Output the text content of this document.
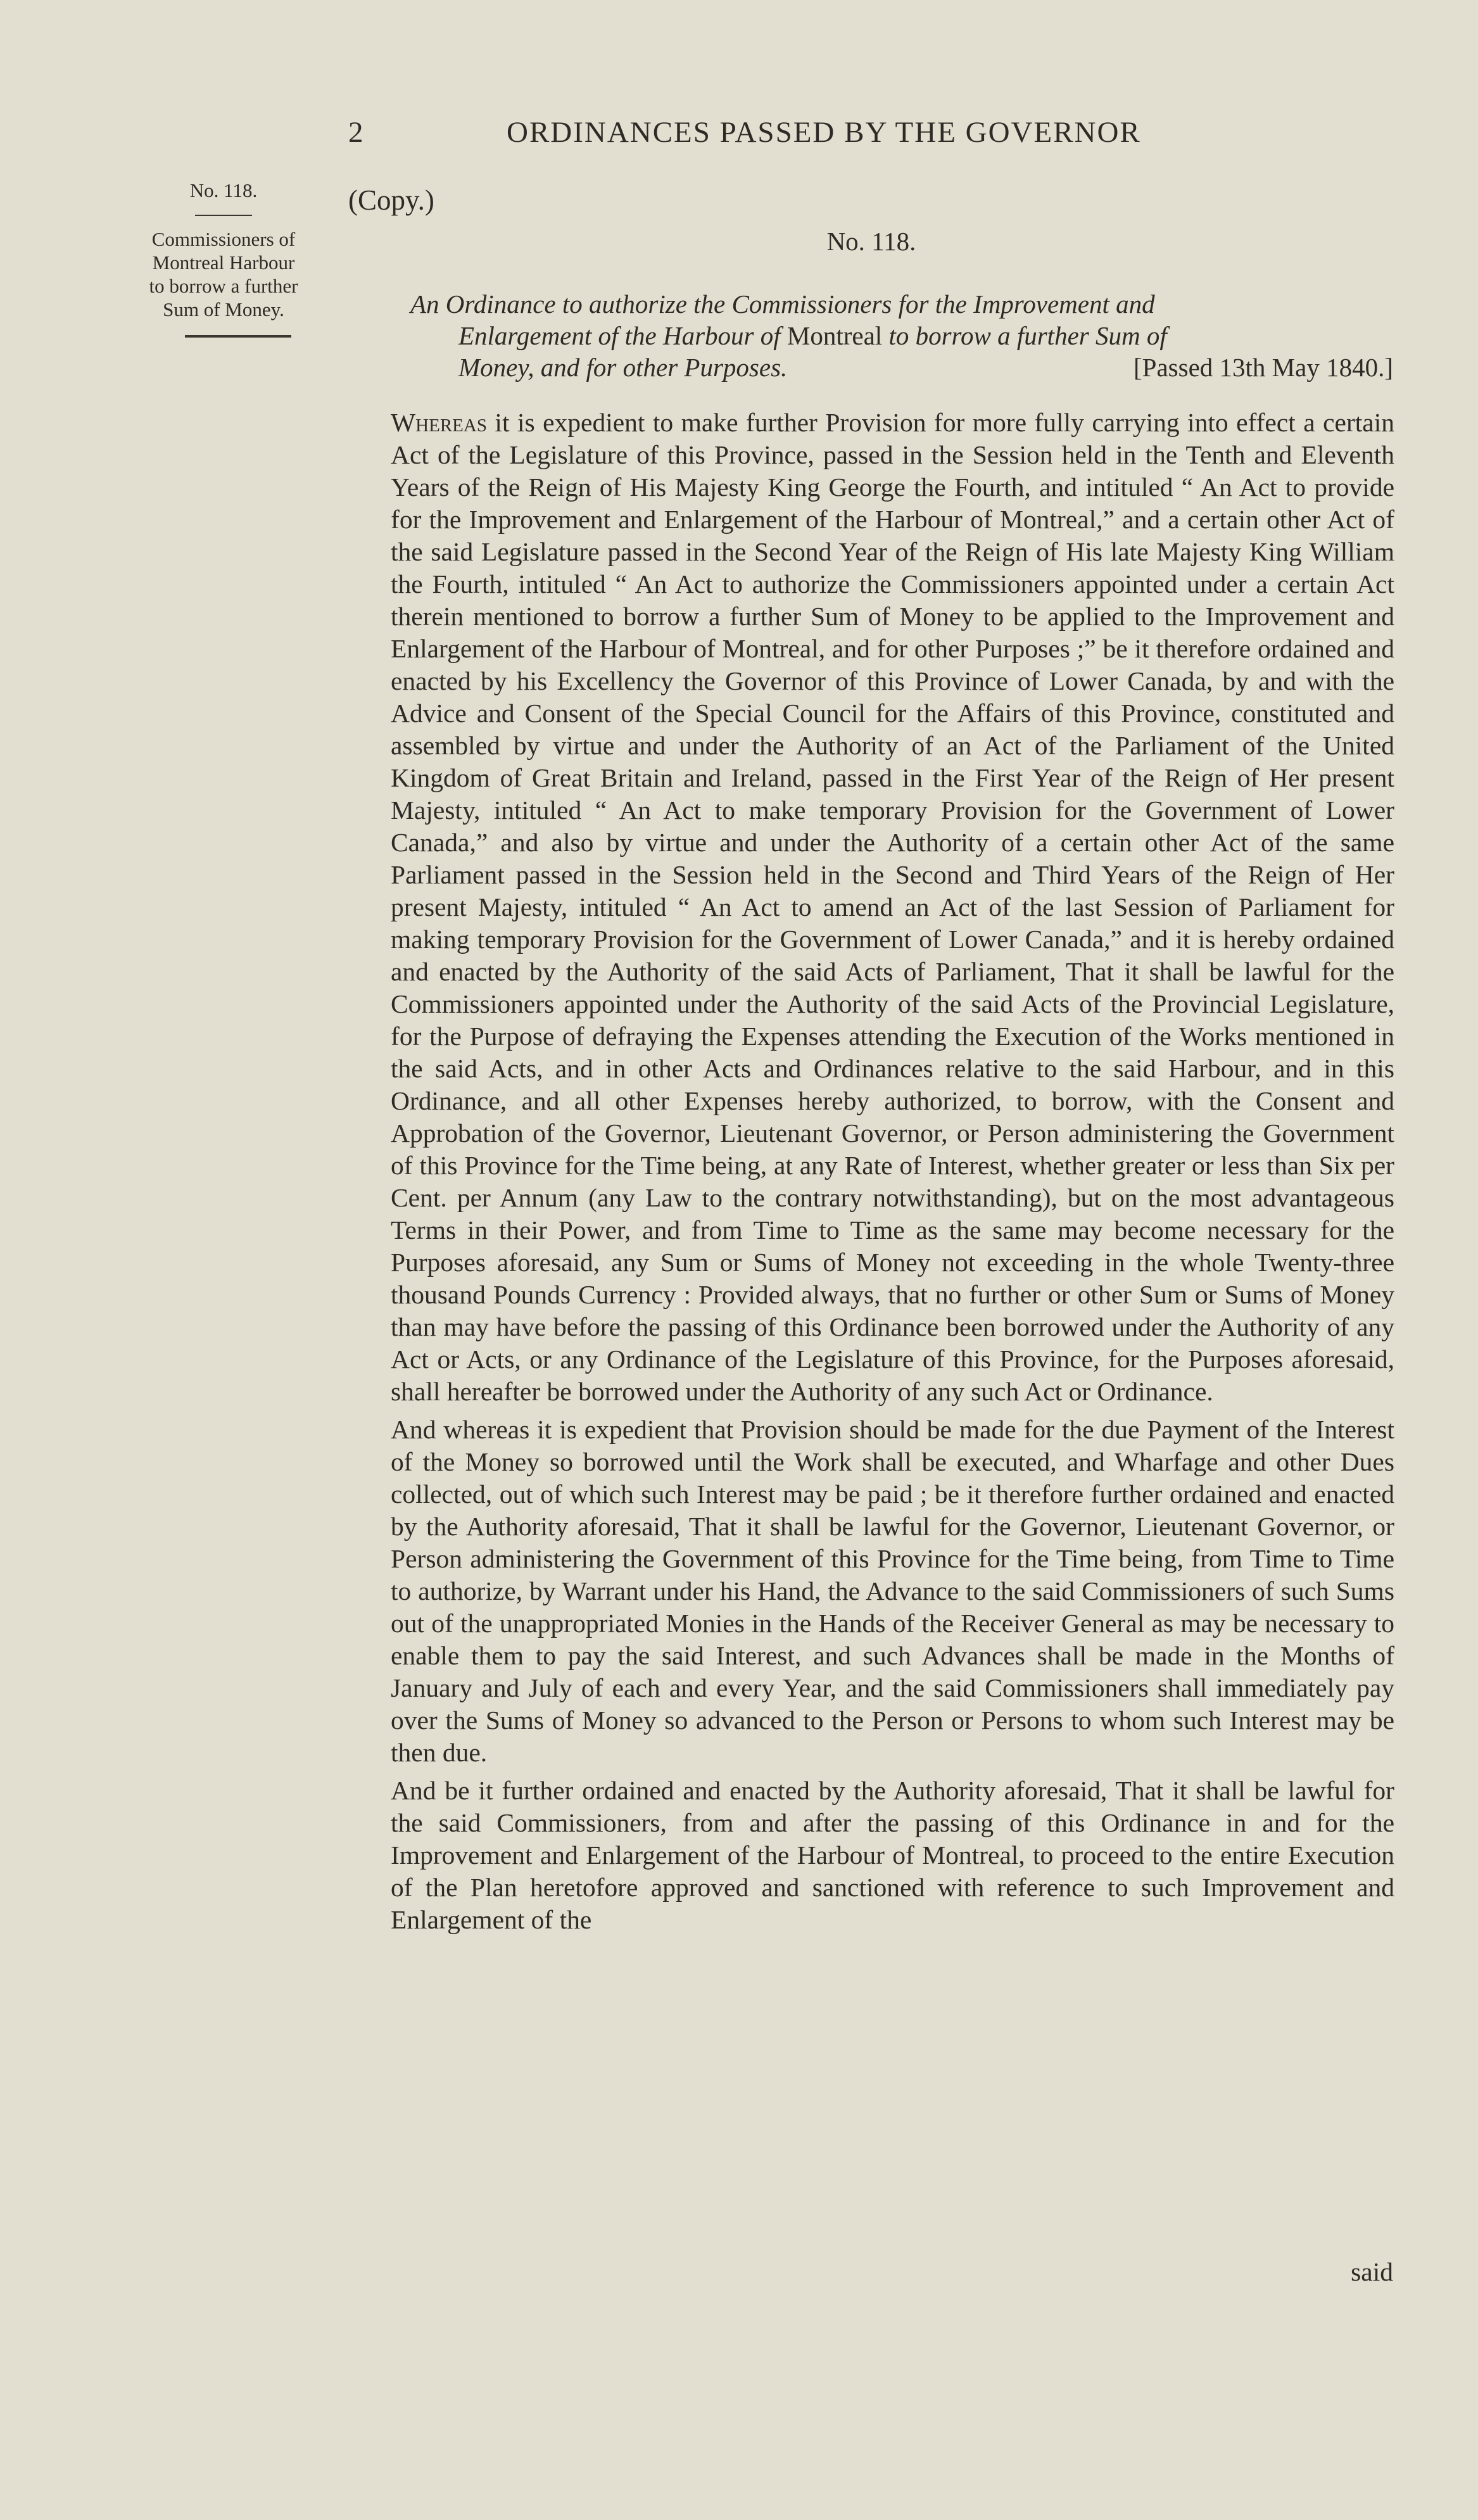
2	ORDINANCES PASSED BY THE GOVERNOR
No. 118.
Commissioners of
Montreal Harbour
to borrow a further
Sum of Money.
(Copy.)
No. 118.
An Ordinance to authorize the Commissioners for the Improvement and
Enlargement of the Harbour of Montreal to borrow a further Sum of
Money, and for other Purposes.	[Passed 13th May 1840.]

Whereas it is expedient to make further Provision for more fully carrying into effect a certain Act of the Legislature of this Province, passed in the Session held in the Tenth and Eleventh Years of the Reign of His Majesty King George the Fourth, and intituled “ An Act to provide for the Improvement and Enlargement of the Harbour of Montreal,” and a certain other Act of the said Legislature passed in the Second Year of the Reign of His late Majesty King William the Fourth, intituled “ An Act to authorize the Commissioners appointed under a certain Act therein mentioned to borrow a further Sum of Money to be applied to the Improvement and Enlargement of the Harbour of Montreal, and for other Purposes ;” be it therefore ordained and enacted by his Excellency the Governor of this Province of Lower Canada, by and with the Advice and Consent of the Special Council for the Affairs of this Province, constituted and assembled by virtue and under the Authority of an Act of the Parliament of the United Kingdom of Great Britain and Ireland, passed in the First Year of the Reign of Her present Majesty, intituled “ An Act to make temporary Provision for the Government of Lower Canada,” and also by virtue and under the Authority of a certain other Act of the same Parliament passed in the Session held in the Second and Third Years of the Reign of Her present Majesty, intituled “ An Act to amend an Act of the last Session of Parliament for making temporary Provision for the Government of Lower Canada,” and it is hereby ordained and enacted by the Authority of the said Acts of Parliament, That it shall be lawful for the Commissioners appointed under the Authority of the said Acts of the Provincial Legislature, for the Purpose of defraying the Expenses attending the Execution of the Works mentioned in the said Acts, and in other Acts and Ordinances relative to the said Harbour, and in this Ordinance, and all other Expenses hereby authorized, to borrow, with the Consent and Approbation of the Governor, Lieutenant Governor, or Person administering the Government of this Province for the Time being, at any Rate of Interest, whether greater or less than Six per Cent. per Annum (any Law to the contrary notwithstanding), but on the most advantageous Terms in their Power, and from Time to Time as the same may become necessary for the Purposes aforesaid, any Sum or Sums of Money not exceeding in the whole Twenty-three thousand Pounds Currency : Provided always, that no further or other Sum or Sums of Money than may have before the passing of this Ordinance been borrowed under the Authority of any Act or Acts, or any Ordinance of the Legislature of this Province, for the Purposes aforesaid, shall hereafter be borrowed under the Authority of any such Act or Ordinance.

And whereas it is expedient that Provision should be made for the due Payment of the Interest of the Money so borrowed until the Work shall be executed, and Wharfage and other Dues collected, out of which such Interest may be paid ; be it therefore further ordained and enacted by the Authority aforesaid, That it shall be lawful for the Governor, Lieutenant Governor, or Person administering the Government of this Province for the Time being, from Time to Time to authorize, by Warrant under his Hand, the Advance to the said Commissioners of such Sums out of the unappropriated Monies in the Hands of the Receiver General as may be necessary to enable them to pay the said Interest, and such Advances shall be made in the Months of January and July of each and every Year, and the said Commissioners shall immediately pay over the Sums of Money so advanced to the Person or Persons to whom such Interest may be then due.

And be it further ordained and enacted by the Authority aforesaid, That it shall be lawful for the said Commissioners, from and after the passing of this Ordinance in and for the Improvement and Enlargement of the Harbour of Montreal, to proceed to the entire Execution of the Plan heretofore approved and sanctioned with reference to such Improvement and Enlargement of the

said
